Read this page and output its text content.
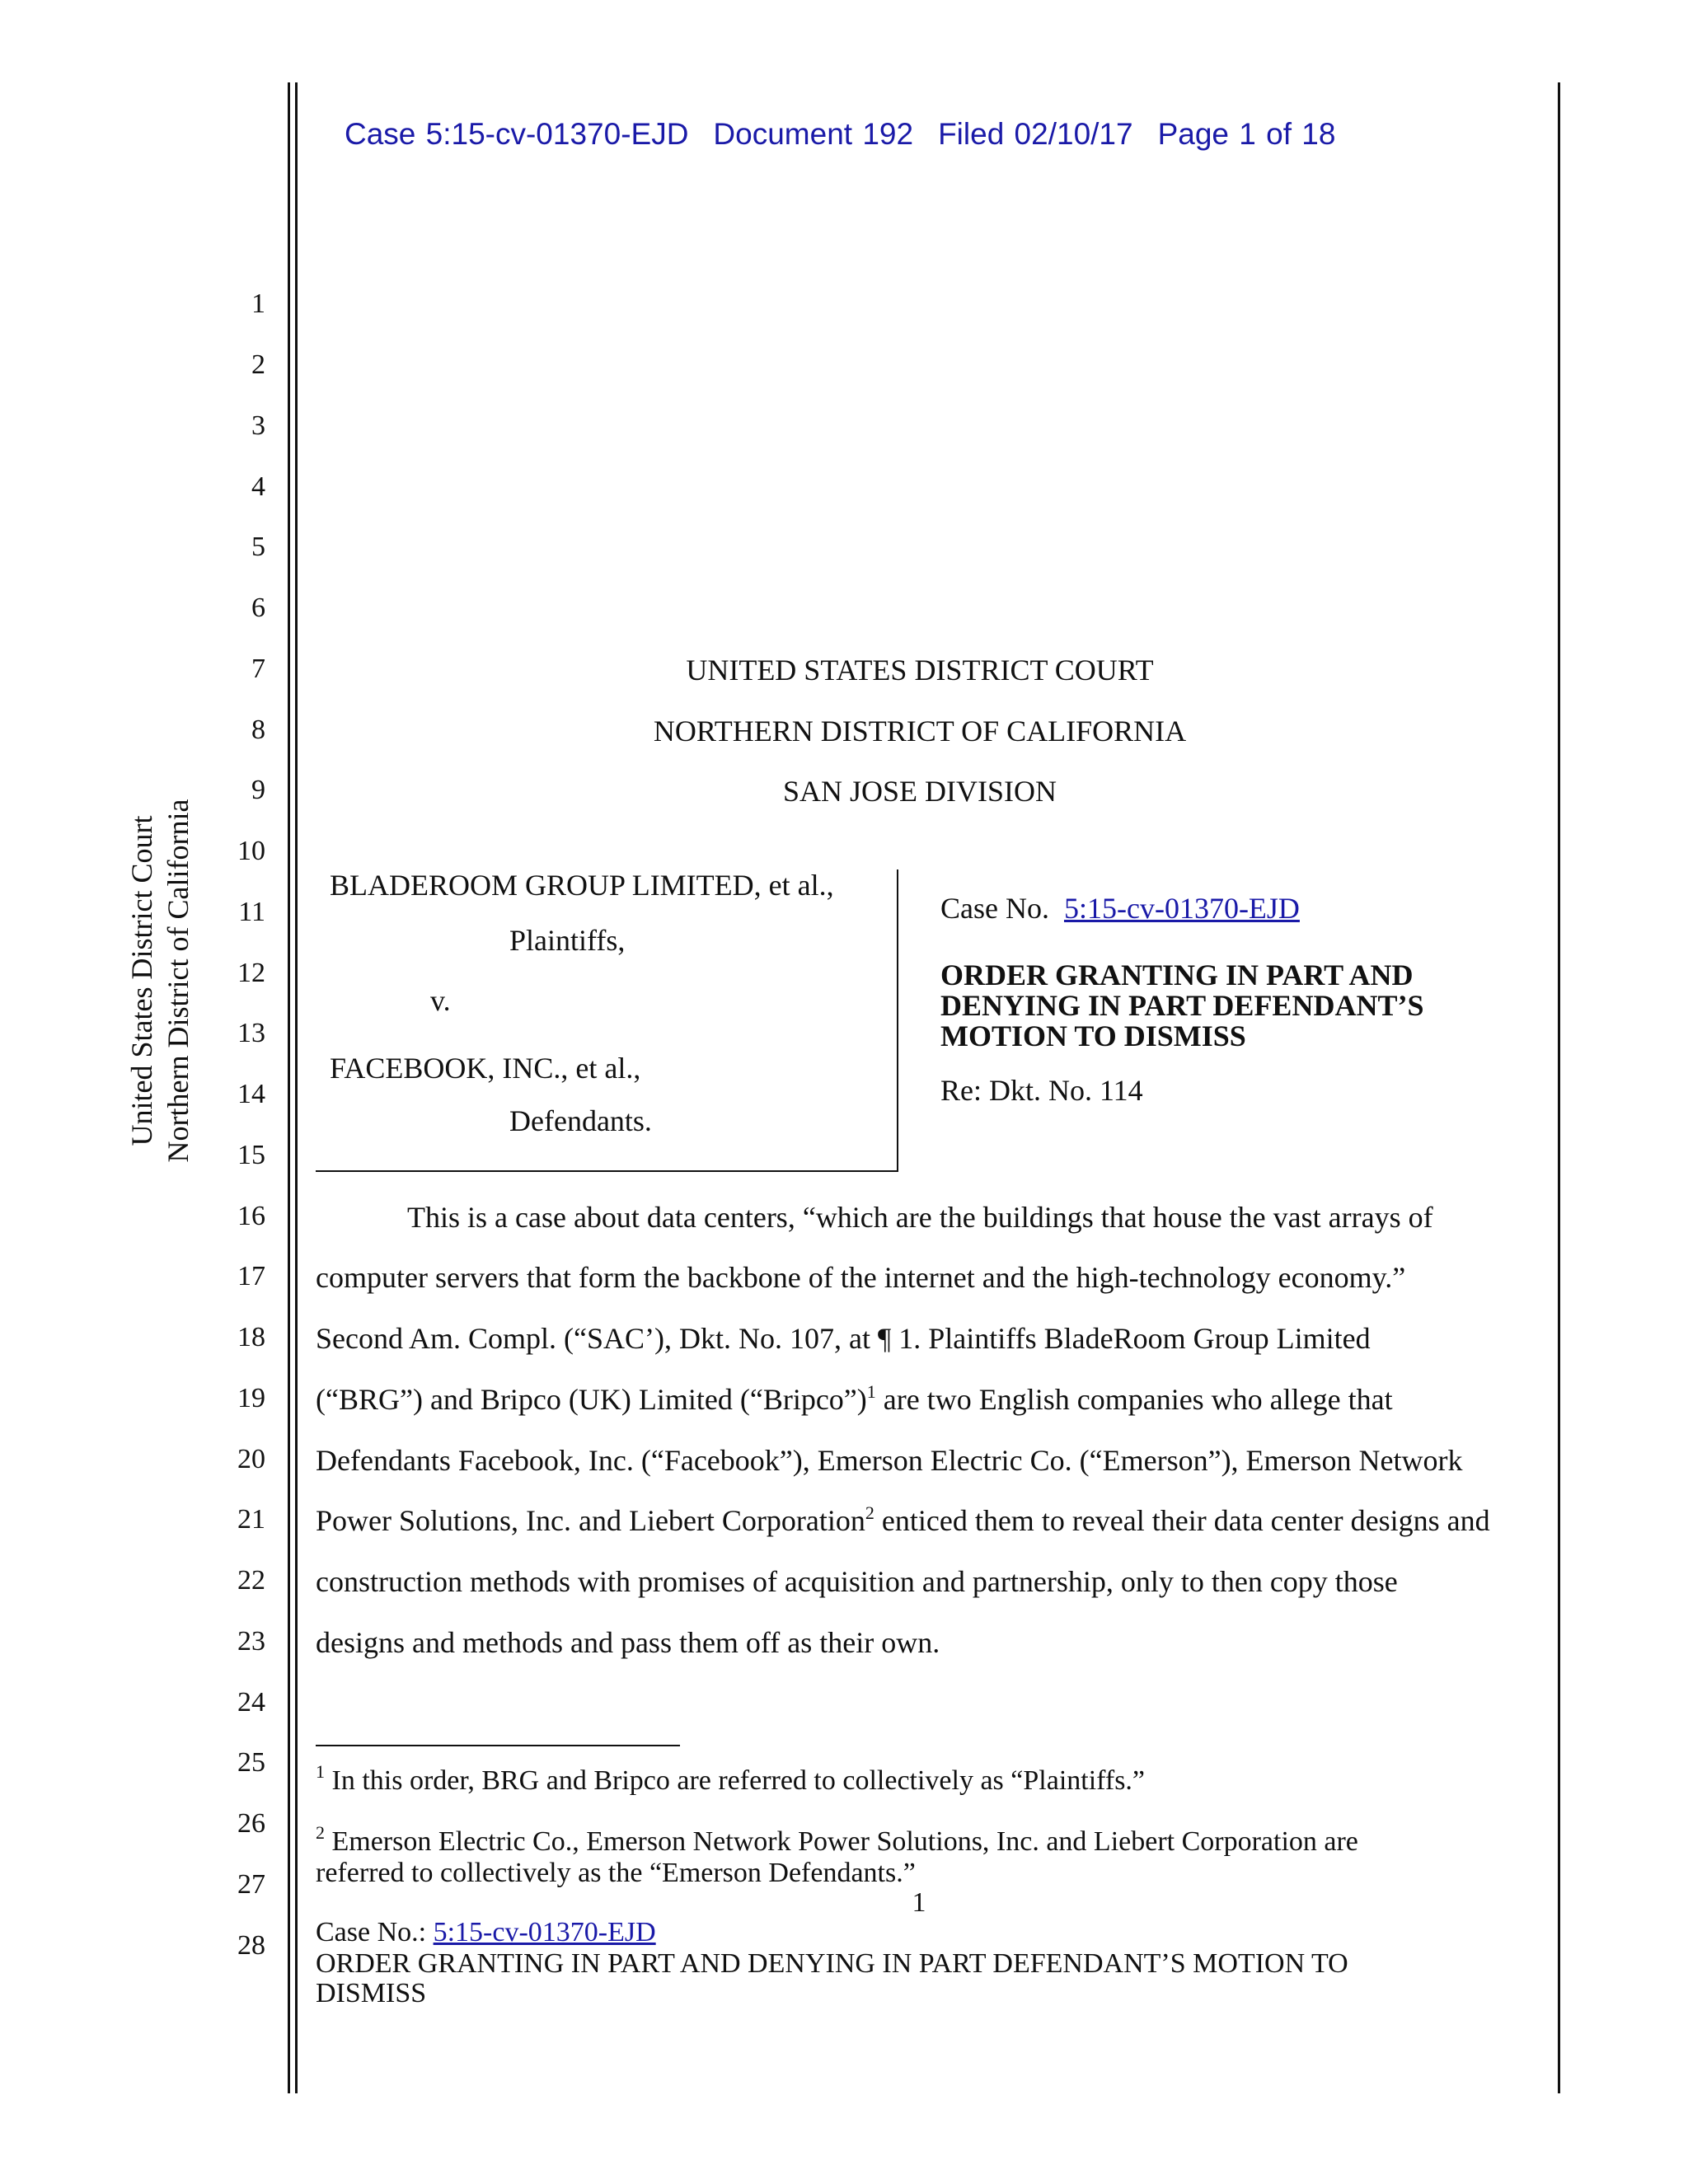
Case 5:15-cv-01370-EJD Document 192 Filed 02/10/17 Page 1 of 18
United States District Court Northern District of California
1
2
3
4
5
6
7
8
9
10
11
12
13
14
15
16
17
18
19
20
21
22
23
24
25
26
27
28
UNITED STATES DISTRICT COURT
NORTHERN DISTRICT OF CALIFORNIA
SAN JOSE DIVISION
BLADEROOM GROUP LIMITED, et al.,
Plaintiffs,
v.
FACEBOOK, INC., et al.,
Defendants.
Case No. 5:15-cv-01370-EJD
ORDER GRANTING IN PART AND
DENYING IN PART DEFENDANT’S
MOTION TO DISMISS
Re: Dkt. No. 114
This is a case about data centers, “which are the buildings that house the vast arrays of
computer servers that form the backbone of the internet and the high-technology economy.”
Second Am. Compl. (“SAC’), Dkt. No. 107, at ¶ 1. Plaintiffs BladeRoom Group Limited
(“BRG”) and Bripco (UK) Limited (“Bripco”)$^1$ are two English companies who allege that
Defendants Facebook, Inc. (“Facebook”), Emerson Electric Co. (“Emerson”), Emerson Network
Power Solutions, Inc. and Liebert Corporation$^2$ enticed them to reveal their data center designs and
construction methods with promises of acquisition and partnership, only to then copy those
designs and methods and pass them off as their own.
$^1$ In this order, BRG and Bripco are referred to collectively as “Plaintiffs.”
$^2$ Emerson Electric Co., Emerson Network Power Solutions, Inc. and Liebert Corporation are
referred to collectively as the “Emerson Defendants.”
1
Case No.: 5:15-cv-01370-EJD
ORDER GRANTING IN PART AND DENYING IN PART DEFENDANT’S MOTION TO
DISMISS
